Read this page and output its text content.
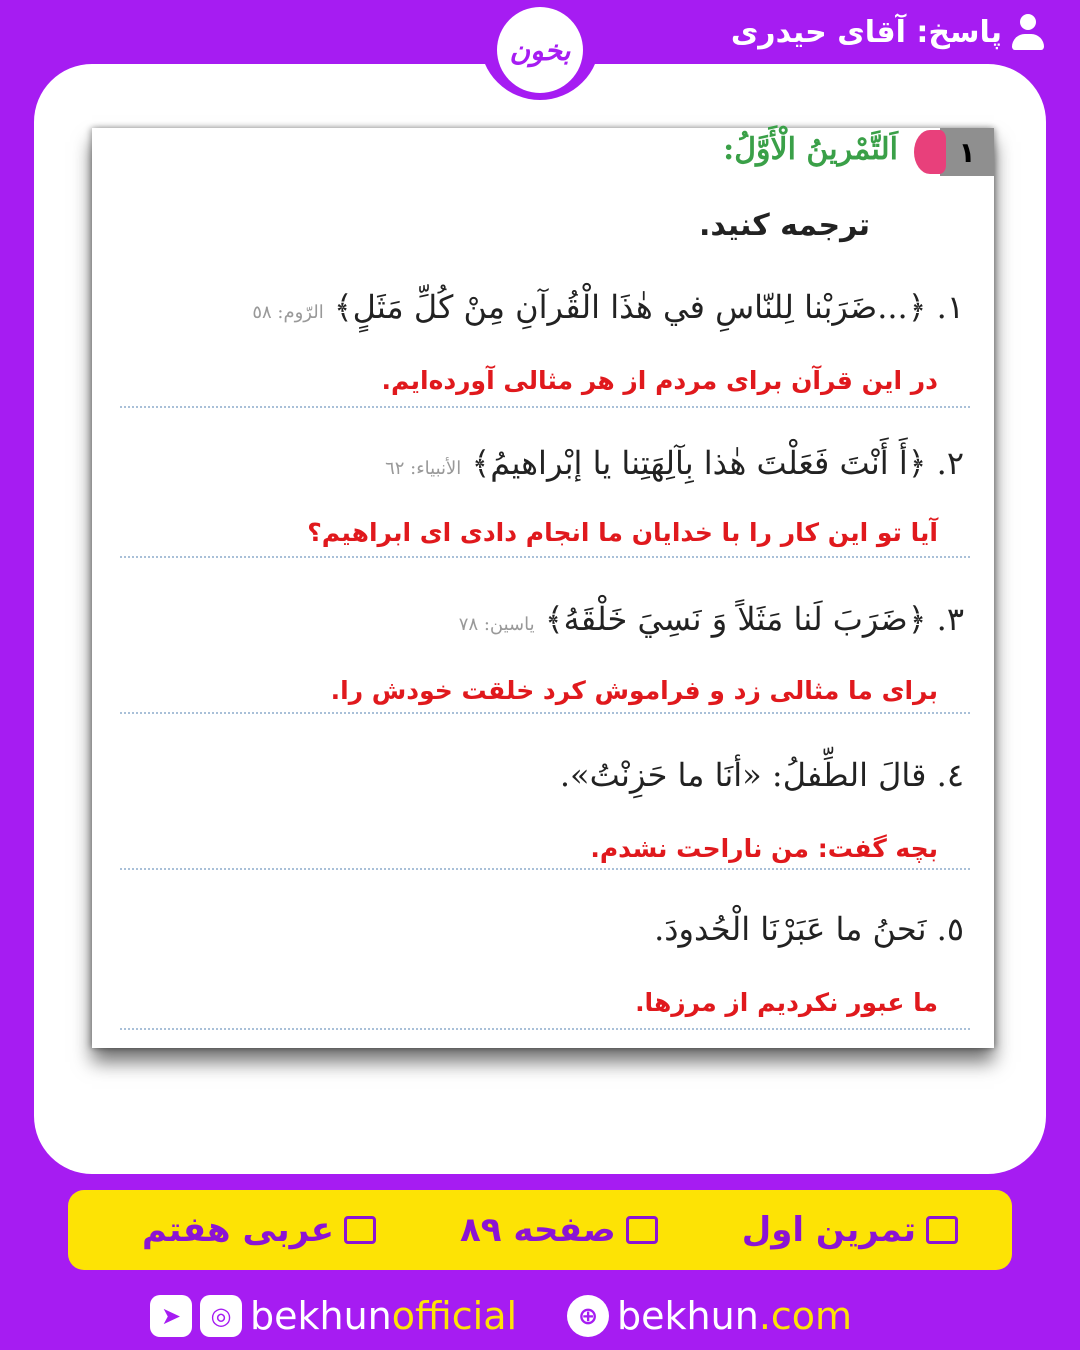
پاسخ: آقای حیدری
بخون
١
اَلتَّمْرینُ الْأَوَّلُ:
ترجمه کنید.
١. ﴿...ضَرَبْنا لِلنّاسِ في هٰذَا الْقُرآنِ مِنْ كُلِّ مَثَلٍ﴾ الرّوم: ٥٨
در این قرآن برای مردم از هر مثالی آورده‌ایم.
٢. ﴿أَ أَنْتَ فَعَلْتَ هٰذا بِآلِهَتِنا يا إبْراهيمُ﴾ الأنبياء: ٦٢
آیا تو این کار را با خدایان ما انجام دادی ای ابراهیم؟
٣. ﴿ضَرَبَ لَنا مَثَلاً وَ نَسِيَ خَلْقَهُ﴾ ياسين: ٧٨
برای ما مثالی زد و فراموش کرد خلقت خودش را.
٤. قالَ الطِّفلُ: «أنَا ما حَزِنْتُ».
بچه گفت: من ناراحت نشدم.
٥. نَحنُ ما عَبَرْنَا الْحُدودَ.
ما عبور نکردیم از مرزها.
تمرین اول
صفحه ۸۹
عربی هفتم
➤	◎ bekhunofficial	⊕ bekhun.com
